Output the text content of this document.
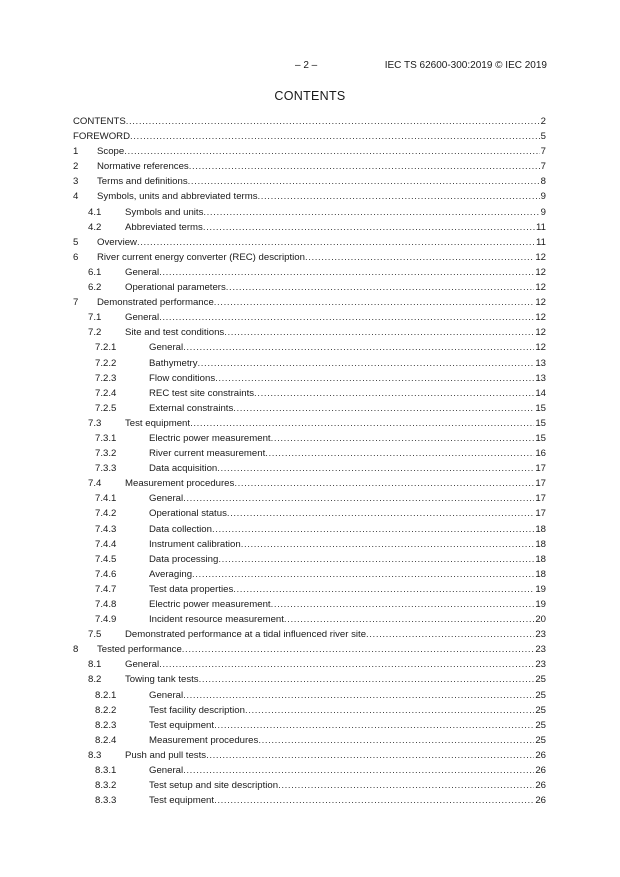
– 2 –	IEC TS 62600-300:2019 © IEC 2019
CONTENTS
CONTENTS .....	2
FOREWORD .....	5
1	Scope .....	7
2	Normative references .....	7
3	Terms and definitions .....	8
4	Symbols, units and abbreviated terms .....	9
4.1	Symbols and units .....	9
4.2	Abbreviated terms .....	11
5	Overview .....	11
6	River current energy converter (REC) description .....	12
6.1	General .....	12
6.2	Operational parameters .....	12
7	Demonstrated performance .....	12
7.1	General .....	12
7.2	Site and test conditions .....	12
7.2.1	General .....	12
7.2.2	Bathymetry .....	13
7.2.3	Flow conditions .....	13
7.2.4	REC test site constraints .....	14
7.2.5	External constraints .....	15
7.3	Test equipment .....	15
7.3.1	Electric power measurement .....	15
7.3.2	River current measurement .....	16
7.3.3	Data acquisition .....	17
7.4	Measurement procedures .....	17
7.4.1	General .....	17
7.4.2	Operational status .....	17
7.4.3	Data collection .....	18
7.4.4	Instrument calibration .....	18
7.4.5	Data processing .....	18
7.4.6	Averaging .....	18
7.4.7	Test data properties .....	19
7.4.8	Electric power measurement .....	19
7.4.9	Incident resource measurement .....	20
7.5	Demonstrated performance at a tidal influenced river site .....	23
8	Tested performance .....	23
8.1	General .....	23
8.2	Towing tank tests .....	25
8.2.1	General .....	25
8.2.2	Test facility description .....	25
8.2.3	Test equipment .....	25
8.2.4	Measurement procedures .....	25
8.3	Push and pull tests .....	26
8.3.1	General .....	26
8.3.2	Test setup and site description .....	26
8.3.3	Test equipment .....	26
